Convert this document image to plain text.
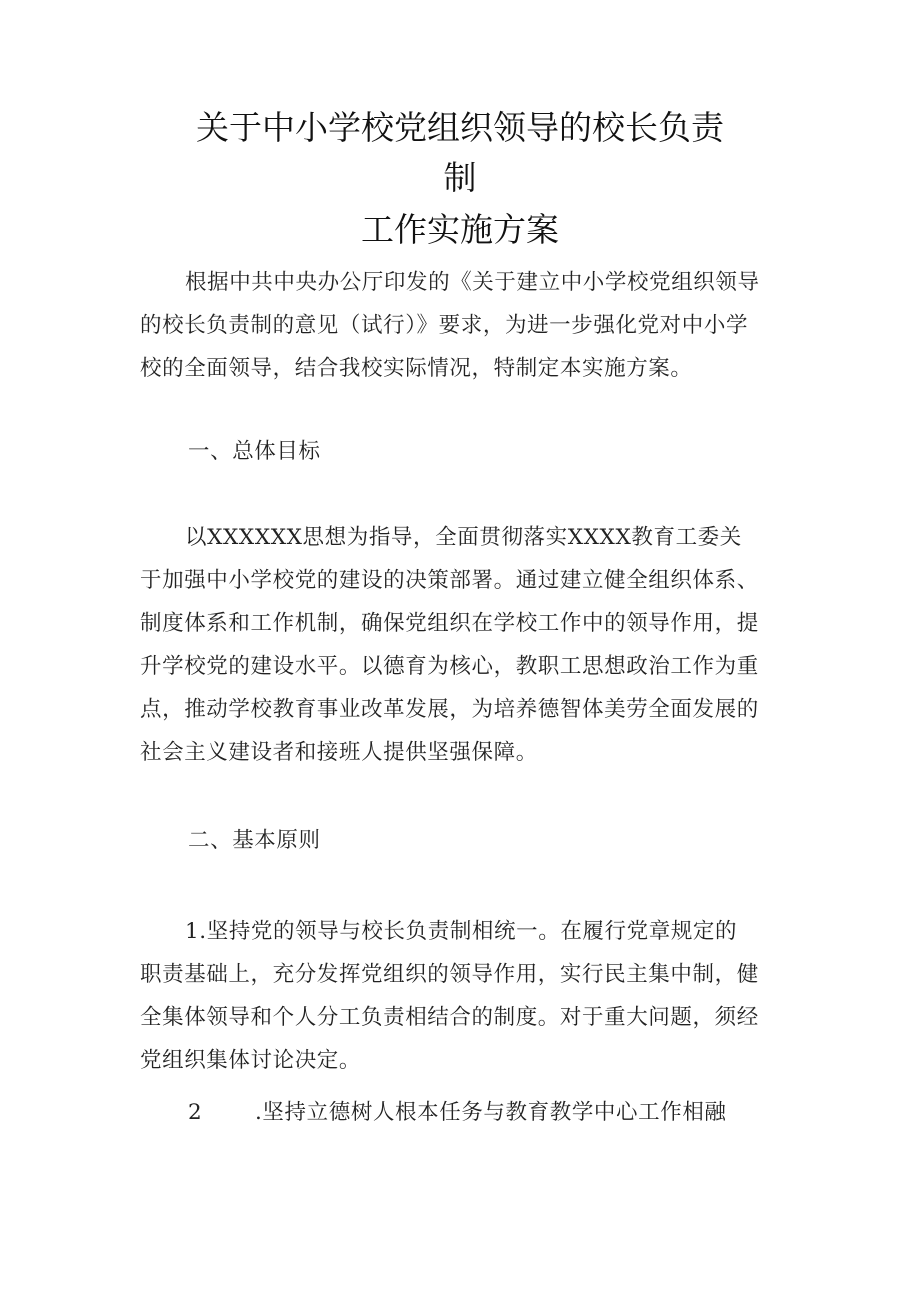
关于中小学校党组织领导的校长负责
制
工作实施方案
根据中共中央办公厅印发的《关于建立中小学校党组织领导
的校长负责制的意见（试行）》要求，为进一步强化党对中小学
校的全面领导，结合我校实际情况，特制定本实施方案。
一、总体目标
以XXXXXX思想为指导，全面贯彻落实XXXX教育工委关
于加强中小学校党的建设的决策部署。通过建立健全组织体系、
制度体系和工作机制，确保党组织在学校工作中的领导作用，提
升学校党的建设水平。以德育为核心，教职工思想政治工作为重
点，推动学校教育事业改革发展，为培养德智体美劳全面发展的
社会主义建设者和接班人提供坚强保障。
二、基本原则
1.坚持党的领导与校长负责制相统一。在履行党章规定的
职责基础上，充分发挥党组织的领导作用，实行民主集中制，健
全集体领导和个人分工负责相结合的制度。对于重大问题，须经
党组织集体讨论决定。
2 .坚持立德树人根本任务与教育教学中心工作相融
